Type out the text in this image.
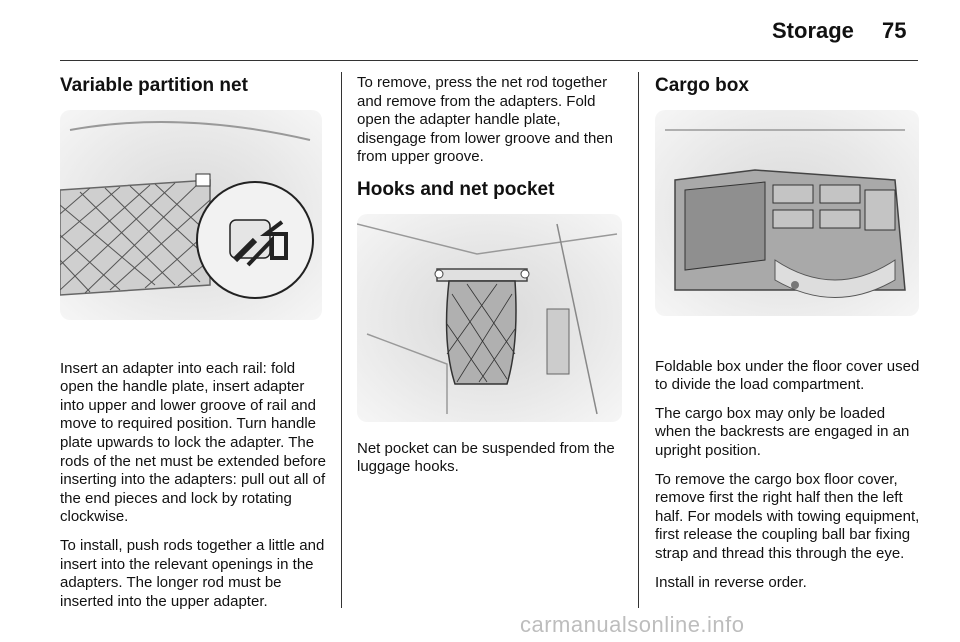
Storage 75
Variable partition net

Insert an adapter into each rail: fold open the handle plate, insert adapter into upper and lower groove of rail and move to required position. Turn handle plate upwards to lock the adapter. The rods of the net must be extended before inserting into the adapters: pull out all of the end pieces and lock by rotating clockwise.

To install, push rods together a little and insert into the relevant openings in the adapters. The longer rod must be inserted into the upper adapter.

To remove, press the net rod together and remove from the adapters. Fold open the adapter handle plate, disengage from lower groove and then from upper groove.

Hooks and net pocket

Net pocket can be suspended from the luggage hooks.

Cargo box

Foldable box under the floor cover used to divide the load compartment.

The cargo box may only be loaded when the backrests are engaged in an upright position.

To remove the cargo box floor cover, remove first the right half then the left half. For models with towing equipment, first release the coupling ball bar fixing strap and thread this through the eye.

Install in reverse order.

carmanualsonline.info
